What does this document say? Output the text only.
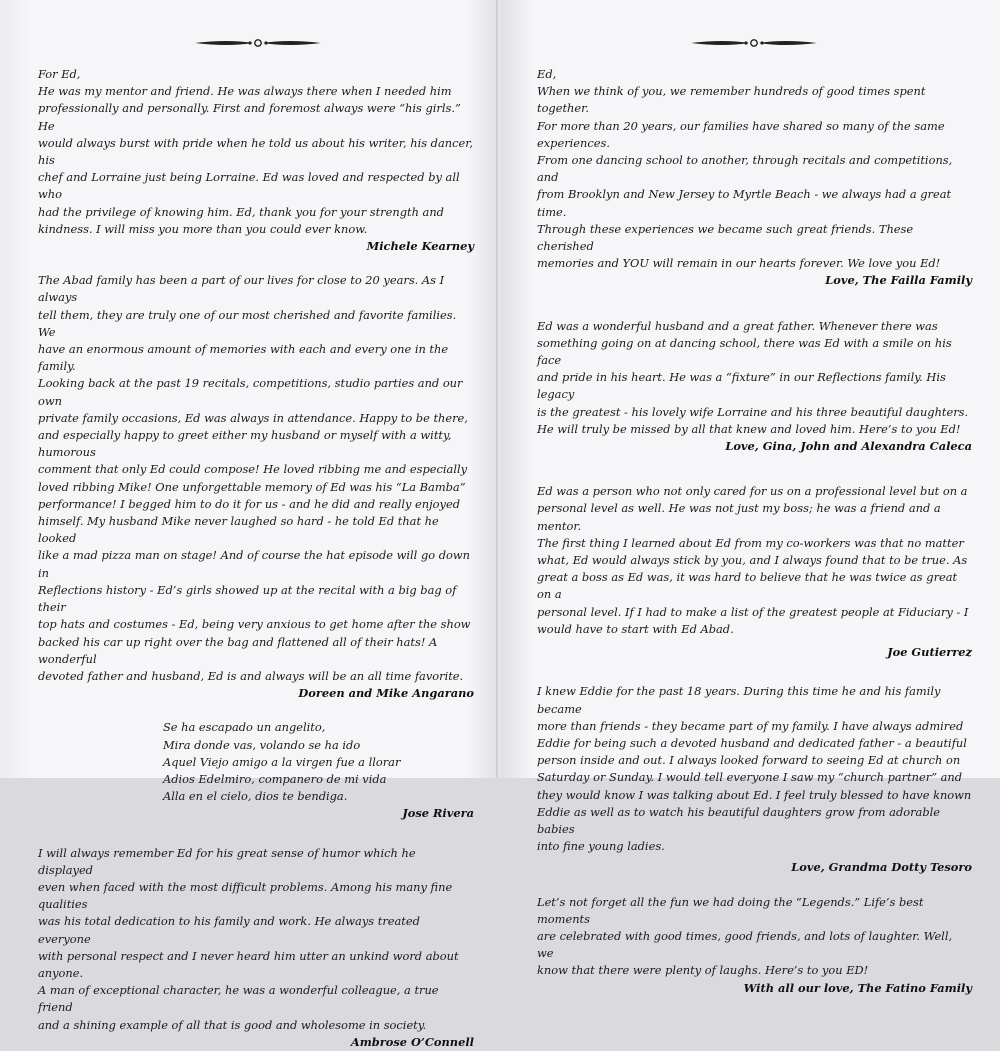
For Ed,
He was my mentor and friend. He was always there when I needed him
professionally and personally. First and foremost always were “his girls.” He
would always burst with pride when he told us about his writer, his dancer, his
chef and Lorraine just being Lorraine. Ed was loved and respected by all who
had the privilege of knowing him. Ed, thank you for your strength and
kindness. I will miss you more than you could ever know.

Michele Kearney

The Abad family has been a part of our lives for close to 20 years. As I always
tell them, they are truly one of our most cherished and favorite families. We
have an enormous amount of memories with each and every one in the family.
Looking back at the past 19 recitals, competitions, studio parties and our own
private family occasions, Ed was always in attendance. Happy to be there,
and especially happy to greet either my husband or myself with a witty, humorous
comment that only Ed could compose! He loved ribbing me and especially
loved ribbing Mike! One unforgettable memory of Ed was his “La Bamba”
performance! I begged him to do it for us - and he did and really enjoyed
himself. My husband Mike never laughed so hard - he told Ed that he looked
like a mad pizza man on stage! And of course the hat episode will go down in
Reflections history - Ed’s girls showed up at the recital with a big bag of their
top hats and costumes - Ed, being very anxious to get home after the show
backed his car up right over the bag and flattened all of their hats! A wonderful
devoted father and husband, Ed is and always will be an all time favorite.

Doreen and Mike Angarano
Se ha escapado un angelito,
Mira donde vas, volando se ha ido
Aquel Viejo amigo a la virgen fue a llorar
Adios Edelmiro, companero de mi vida
Alla en el cielo, dios te bendiga.
Jose Rivera

I will always remember Ed for his great sense of humor which he displayed
even when faced with the most difficult problems. Among his many fine qualities
was his total dedication to his family and work. He always treated everyone
with personal respect and I never heard him utter an unkind word about anyone.
A man of exceptional character, he was a wonderful colleague, a true friend
and a shining example of all that is good and wholesome in society.

Ambrose O’Connell

Ed,
When we think of you, we remember hundreds of good times spent together.
For more than 20 years, our families have shared so many of the same experiences.
From one dancing school to another, through recitals and competitions, and
from Brooklyn and New Jersey to Myrtle Beach - we always had a great time.
Through these experiences we became such great friends. These cherished
memories and YOU will remain in our hearts forever. We love you Ed!

Love, The Failla Family

Ed was a wonderful husband and a great father. Whenever there was
something going on at dancing school, there was Ed with a smile on his face
and pride in his heart. He was a “fixture” in our Reflections family. His legacy
is the greatest - his lovely wife Lorraine and his three beautiful daughters.
He will truly be missed by all that knew and loved him. Here’s to you Ed!

Love, Gina, John and Alexandra Caleca

Ed was a person who not only cared for us on a professional level but on a
personal level as well. He was not just my boss; he was a friend and a mentor.
The first thing I learned about Ed from my co-workers was that no matter
what, Ed would always stick by you, and I always found that to be true. As
great a boss as Ed was, it was hard to believe that he was twice as great on a
personal level. If I had to make a list of the greatest people at Fiduciary - I
would have to start with Ed Abad.

Joe Gutierrez

I knew Eddie for the past 18 years. During this time he and his family became
more than friends - they became part of my family. I have always admired
Eddie for being such a devoted husband and dedicated father - a beautiful
person inside and out. I always looked forward to seeing Ed at church on
Saturday or Sunday. I would tell everyone I saw my “church partner” and
they would know I was talking about Ed. I feel truly blessed to have known
Eddie as well as to watch his beautiful daughters grow from adorable babies
into fine young ladies.

Love, Grandma Dotty Tesoro

Let’s not forget all the fun we had doing the “Legends.” Life’s best moments
are celebrated with good times, good friends, and lots of laughter. Well, we
know that there were plenty of laughs. Here’s to you ED!

With all our love, The Fatino Family
